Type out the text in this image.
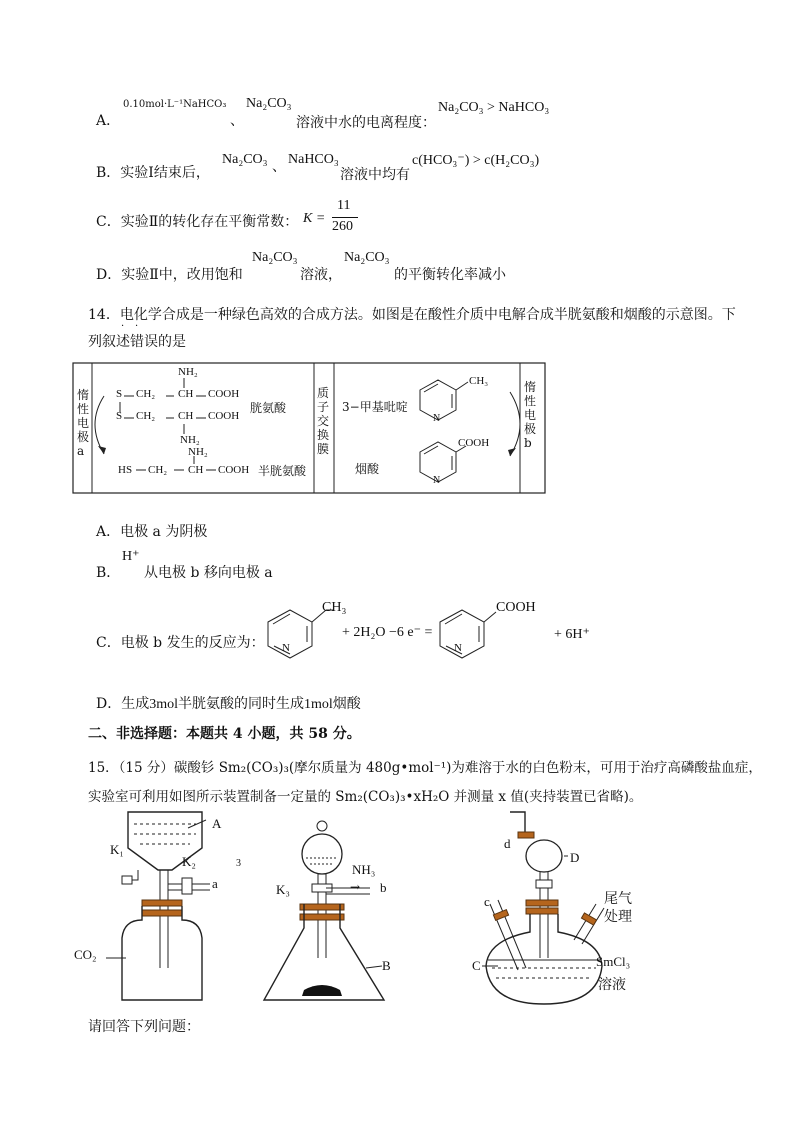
A．
0.10mol·L⁻¹NaHCO₃
、
Na₂CO₃
溶液中水的电离程度：
Na₂CO₃ > NaHCO₃
B．实验Ⅰ结束后，
Na₂CO₃ 、 NaHCO₃
溶液中均有
c(HCO₃⁻) > c(H₂CO₃)
C．实验Ⅱ的转化存在平衡常数： K =
11
260
D．实验Ⅱ中，改用饱和
Na₂CO₃
溶液，
Na₂CO₃
的平衡转化率减小
14．电化学合成是一种绿色高效的合成方法。如图是在酸性介质中电解合成半胱氨酸和烟酸的示意图。下
列叙述错误的是
· ·
惰性电极a
惰性电极b
质子交换膜
NH₂
S CH₂ CH COOH
胱氨酸
S CH₂ CH COOH
NH₂
NH₂
HS CH₂ CH COOH 半胱氨酸
3−甲基吡啶
CH₃
N
烟酸
COOH
N
A．电极 a 为阴极
B．
H⁺
从电极 b 移向电极 a
C．电极 b 发生的反应为：
CH₃
N
+ 2H₂O −6 e⁻ =
COOH
N
+ 6H⁺
D．生成3mol半胱氨酸的同时生成1mol烟酸
二、非选择题：本题共 4 小题，共 58 分。
15．（15 分）碳酸钐 Sm₂(CO₃)₃(摩尔质量为 480g•mol⁻¹)为难溶于水的白色粉末，可用于治疗高磷酸盐血症，
实验室可利用如图所示装置制备一定量的 Sm₂(CO₃)₃•xH₂O 并测量 x 值(夹持装置已省略)。
A
K₁
K₂	3
a
CO₂
K₃
NH₃
→ b
B
d
D
c	尾气
处理
C	SmCl₃
溶液
请回答下列问题：
